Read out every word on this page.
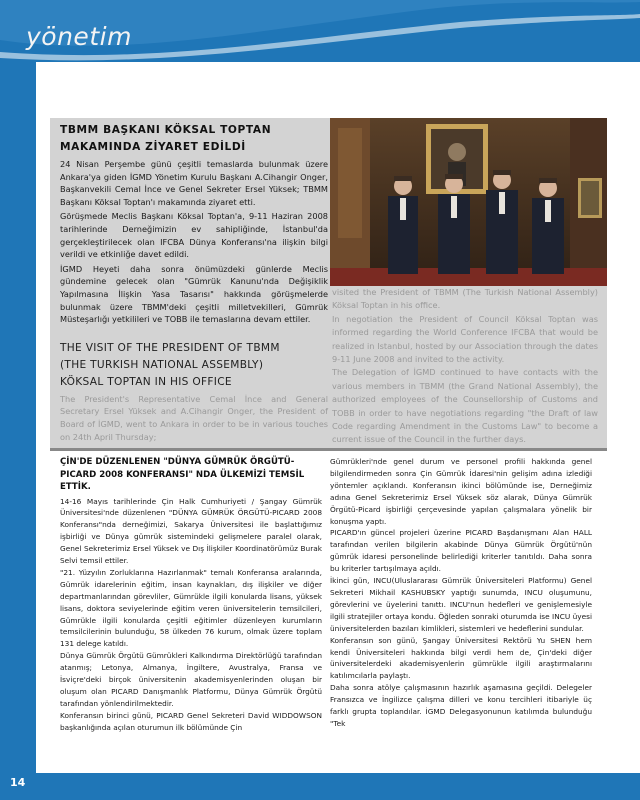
yönetim
TBMM BAŞKANI KÖKSAL TOPTAN MAKAMINDA ZİYARET EDİLDİ

24 Nisan Perşembe günü çeşitli temaslarda bulunmak üzere Ankara'ya giden İGMD Yönetim Kurulu Başkanı A.Cihangir Onger, Başkanvekili Cemal İnce ve Genel Sekreter Ersel Yüksek; TBMM Başkanı Köksal Toptan'ı makamında ziyaret etti.

Görüşmede Meclis Başkanı Köksal Toptan'a, 9-11 Haziran 2008 tarihlerinde Derneğimizin ev sahipliğinde, İstanbul'da gerçekleştirilecek olan IFCBA Dünya Konferansı'na ilişkin bilgi verildi ve etkinliğe davet edildi.

İGMD Heyeti daha sonra önümüzdeki günlerde Meclis gündemine gelecek olan "Gümrük Kanunu'nda Değişiklik Yapılmasına İlişkin Yasa Tasarısı" hakkında görüşmelerde bulunmak üzere TBMM'deki çeşitli milletvekilleri, Gümrük Müsteşarlığı yetkilileri ve TOBB ile temaslarına devam ettiler.

THE VISIT OF THE PRESIDENT OF TBMM
(THE TURKISH NATIONAL ASSEMBLY)
KÖKSAL TOPTAN IN HIS OFFICE

The President's Representative Cemal İnce and General Secretary Ersel Yüksek and A.Cihangir Onger, the President of Board of İGMD, went to Ankara in order to be in various touches on 24th April Thursday;

visited the President of TBMM (The Turkish National Assembly) Köksal Toptan in his office.

In negotiation the President of Council Köksal Toptan was informed regarding the World Conference IFCBA that would be realized in Istanbul, hosted by our Association through the dates 9-11 June 2008 and invited to the activity.

The Delegation of İGMD continued to have contacts with the various members in TBMM (the Grand National Assembly), the authorized employees of the Counsellorship of Customs and TOBB in order to have negotiations regarding "the Draft of law Code regarding Amendment in the Customs Law" to become a current issue of the Council in the further days.

ÇİN'DE DÜZENLENEN "DÜNYA GÜMRÜK ÖRGÜTÜ-PICARD 2008 KONFERANSI" NDA ÜLKEMİZİ TEMSİL ETTİK.

14-16 Mayıs tarihlerinde Çin Halk Cumhuriyeti / Şangay Gümrük Üniversitesi'nde düzenlenen "DÜNYA GÜMRÜK ÖRGÜTÜ-PICARD 2008 Konferansı"nda derneğimizi, Sakarya Üniversitesi ile başlattığımız işbirliği ve Dünya gümrük sistemindeki gelişmelere paralel olarak, Genel Sekreterimiz Ersel Yüksek ve Dış İlişkiler Koordinatörümüz Burak Selvi temsil ettiler.

"21. Yüzyılın Zorluklarına Hazırlanmak" temalı Konferansa aralarında, Gümrük idarelerinin eğitim, insan kaynakları, dış ilişkiler ve diğer departmanlarından görevliler, Gümrükle ilgili konularda lisans, yüksek lisans, doktora seviyelerinde eğitim veren üniversitelerin temsilcileri, Gümrükle ilgili konularda çeşitli eğitimler düzenleyen kurumların temsilcilerinin bulunduğu, 58 ülkeden 76 kurum, olmak üzere toplam 131 delege katıldı.

Dünya Gümrük Örgütü Gümrükleri Kalkındırma Direktörlüğü tarafından atanmış; Letonya, Almanya, İngiltere, Avustralya, Fransa ve İsviçre'deki birçok üniversitenin akademisyenlerinden oluşan bir oluşum olan PICARD Danışmanlık Platformu, Dünya Gümrük Örgütü tarafından yönlendirilmektedir.

Konferansın birinci günü, PICARD Genel Sekreteri David WIDDOWSON başkanlığında açılan oturumun ilk bölümünde Çin

Gümrükleri'nde genel durum ve personel profili hakkında genel bilgilendirmeden sonra Çin Gümrük İdaresi'nin gelişim adına izlediği yöntemler açıklandı. Konferansın ikinci bölümünde ise, Derneğimiz adına Genel Sekreterimiz Ersel Yüksek söz alarak, Dünya Gümrük Örgütü-Picard işbirliği çerçevesinde yapılan çalışmalara yönelik bir konuşma yaptı.

PICARD'ın güncel projeleri üzerine PICARD Başdanışmanı Alan HALL tarafından verilen bilgilerin akabinde Dünya Gümrük Örgütü'nün gümrük idaresi personelinde belirlediği kriterler tanıtıldı. Daha sonra bu kriterler tartışılmaya açıldı.

İkinci gün, INCU(Uluslararası Gümrük Üniversiteleri Platformu) Genel Sekreteri Mikhail KASHUBSKY yaptığı sunumda, INCU oluşumunu, görevlerini ve üyelerini tanıttı. INCU'nun hedefleri ve genişlemesiyle ilgili stratejiler ortaya kondu. Öğleden sonraki oturumda ise INCU üyesi üniversitelerden bazıları kimlikleri, sistemleri ve hedeflerini sundular.

Konferansın son günü, Şangay Üniversitesi Rektörü Yu SHEN hem kendi Üniversiteleri hakkında bilgi verdi hem de, Çin'deki diğer üniversitelerdeki akademisyenlerin gümrükle ilgili araştırmalarını katılımcılarla paylaştı.

Daha sonra atölye çalışmasının hazırlık aşamasına geçildi. Delegeler Fransızca ve İngilizce çalışma dilleri ve konu tercihleri itibariyle üç farklı grupta toplandılar. İGMD Delegasyonunun katılımda bulunduğu "Tek

14
